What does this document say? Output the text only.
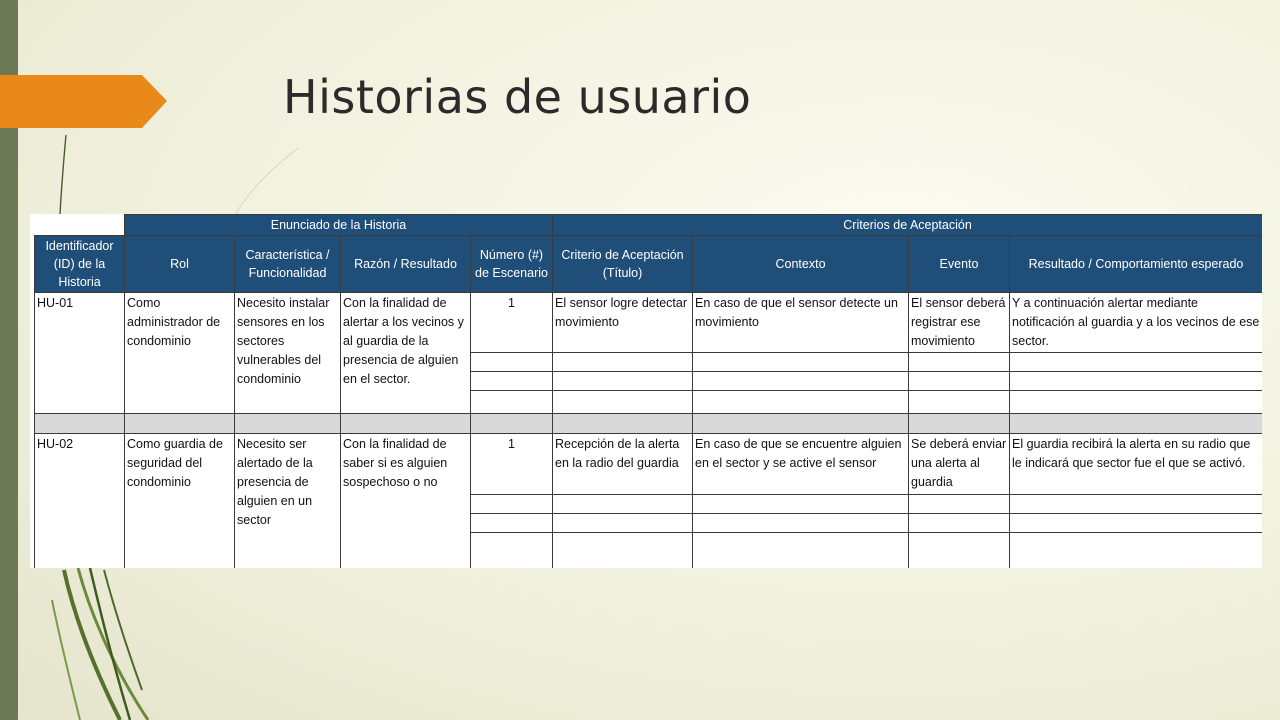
Historias de usuario
	Enunciado de la Historia				Criterios de Aceptación			
Identificador (ID) de la Historia	Rol	Característica / Funcionalidad	Razón / Resultado	Número (#) de Escenario	Criterio de Aceptación (Título)	Contexto	Evento	Resultado / Comportamiento esperado
HU-01	Como administrador de condominio	Necesito instalar sensores en los sectores vulnerables del condominio	Con la finalidad de alertar a los vecinos y al guardia de la presencia de alguien en el sector.	1	El sensor logre detectar movimiento	En caso de que el sensor detecte un movimiento	El sensor deberá registrar ese movimiento	Y a continuación alertar mediante notificación al guardia y a los vecinos de ese sector.

HU-02	Como guardia de seguridad del condominio	Necesito ser alertado de la presencia de alguien en un sector	Con la finalidad de saber si es alguien sospechoso o no	1	Recepción de la alerta en la radio del guardia	En caso de que se encuentre alguien en el sector y se active el sensor	Se deberá enviar una alerta al guardia	El guardia recibirá la alerta en su radio que le indicará que sector fue el que se activó.
